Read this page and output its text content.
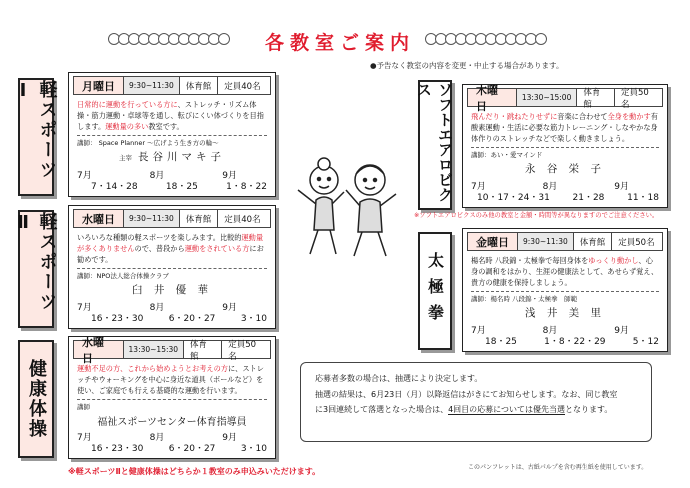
各教室ご案内
●予告なく教室の内容を変更・中止する場合があります。
軽スポーツⅠ	月曜日	9:30~11:30	体育館	定員40名
日常的に運動を行っている方に、ストレッチ・リズム体操・筋力運動・卓球等を通し、転びにくい体づくりを目指します。運動量の多い教室です。
講師： Space Planner ～広げよう生き方の輪～
主宰 長谷川マキ子
7月	8月	9月
7・14・28	18・25	1・8・22
軽スポーツⅡ	水曜日	9:30~11:30	体育館	定員40名
いろいろな種類の軽スポーツを楽しみます。比較的運動量が多くありませんので、普段から運動をされている方にお勧めです。
講師：NPO法人総合体操クラブ
臼 井 優 華
7月	8月	9月
16・23・30	6・20・27	3・10
健康体操
水曜日
13:30~15:30	体育館
定員50名
運動不足の方、これから始めようとお考えの方に、ストレッチやウォーキングを中心に身近な道具（ボールなど）を使い、ご家庭でも行える基礎的な運動を行います。
講師
福祉スポーツセンター体育指導員
7月	8月	9月
16・23・30	6・20・27	3・10
ソフトエアロビクス	木曜日
13:30~15:00	体育館
定員50名
飛んだり・跳ねたりせずに音楽に合わせて全身を動かす有酸素運動・生活に必要な筋力トレーニング・しなやかな身体作りのストレッチなどで楽しく動きましょう。
講師：あい・愛マインド
永 谷 栄 子
7月	8月	9月
10・17・24・31	21・28	11・18
※ソフトエアロビクスのみ他の教室と金額・時間等が異なりますのでご注意ください。
太極拳
金曜日	9:30~11:30	体育館	定員50名
楊名時 八段錦・太極拳で毎回身体をゆっくり動かし、心身の調和をはかり、生涯の健康法として、あせらず覚え、貴方の健康を保持しましょう。
講師：楊名時 八段錦・太極拳　師範
浅 井 美 里
7月	8月	9月
18・25	1・8・22・29	5・12
応募者多数の場合は、抽選により決定します。
抽選の結果は、6月23日（月）以降返信はがきにてお知らせします。なお、同じ教室
に3回連続して落選となった場合は、4回目の応募については優先当選となります。
※軽スポーツⅡと健康体操はどちらか１教室のみ申込みいただけます。	このパンフレットは、古紙パルプを含む再生紙を使用しています。
